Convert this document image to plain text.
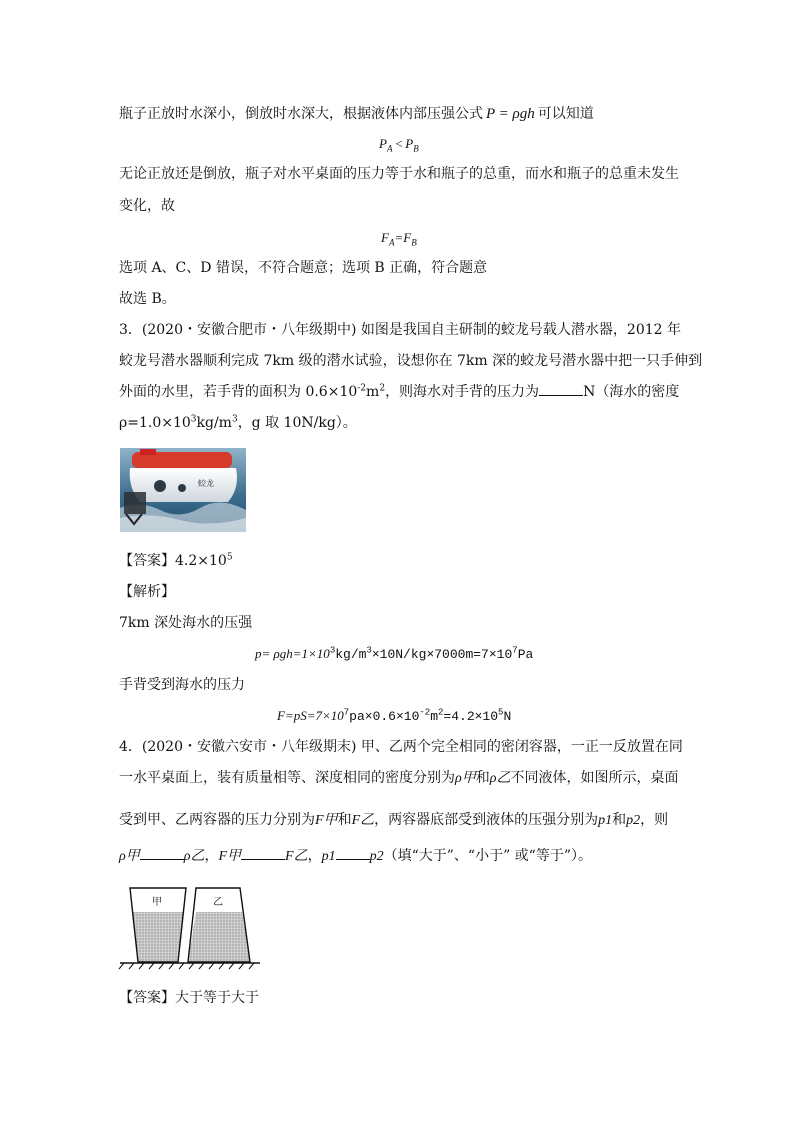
瓶子正放时水深小，倒放时水深大，根据液体内部压强公式 P = ρgh 可以知道
$P_A < P_B$
无论正放还是倒放，瓶子对水平桌面的压力等于水和瓶子的总重，而水和瓶子的总重未发生
变化，故
$F_A=F_B$
选项 A、C、D 错误，不符合题意；选项 B 正确，符合题意
故选 B。
3．(2020・安徽合肥市・八年级期中) 如图是我国自主研制的蛟龙号载人潜水器，2012 年
蛟龙号潜水器顺利完成 7km 级的潜水试验，设想你在 7km 深的蛟龙号潜水器中把一只手伸到
外面的水里，若手背的面积为 $0.6\times 10^{-2}m^2$，则海水对手背的压力为	N（海水的密度
$\rho=1.0\times 10^3kg/m^3$，g 取 10N/kg）。
蛟龙
【答案】$4.2\times 10^5$
【解析】
7km 深处海水的压强
$p= \rho gh=1\times 10^3kg/m^3\times 10N/kg\times 7000m=7\times 10^7Pa$
手背受到海水的压力
$F=pS=7\times 10^7pa\times 0.6\times 10^{-2}m^2=4.2\times 10^5N$
4．(2020・安徽六安市・八年级期末) 甲、乙两个完全相同的密闭容器，一正一反放置在同
一水平桌面上，装有质量相等、深度相同的密度分别为ρ甲和ρ乙不同液体，如图所示，桌面
受到甲、乙两容器的压力分别为F甲和F乙，两容器底部受到液体的压强分别为p1和p2，则
ρ甲	ρ乙，F甲	F乙，p1 p2（填“大于”、“小于” 或“等于”）。
甲	乙
【答案】大于等于大于
